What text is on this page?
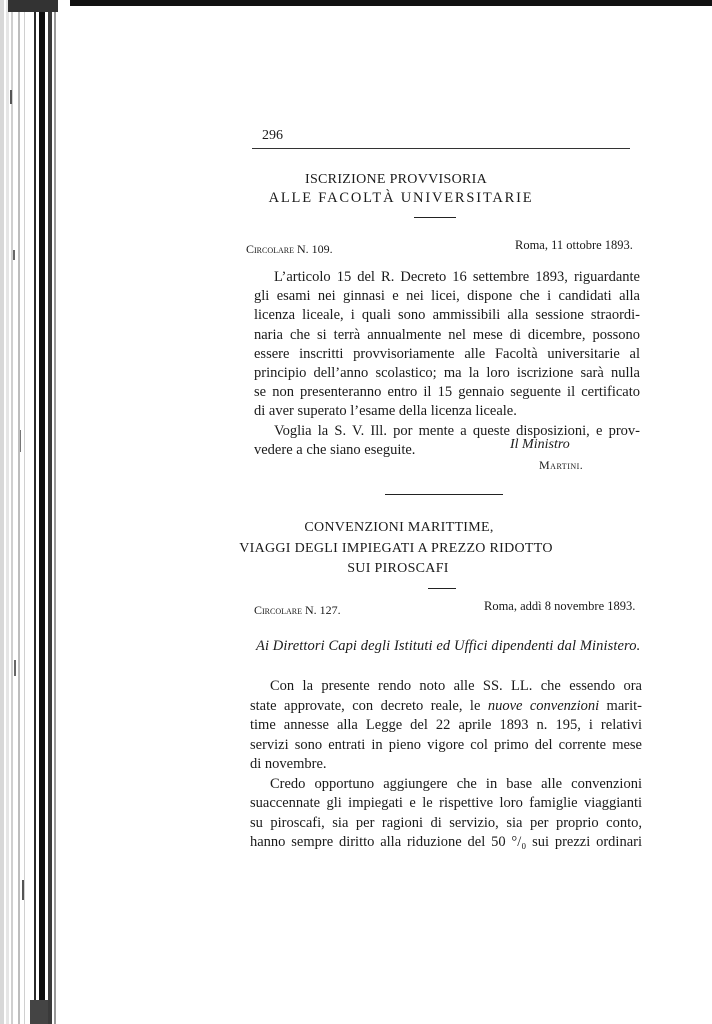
296
ISCRIZIONE PROVVISORIA
ALLE FACOLTÀ UNIVERSITARIE
Circolare N. 109.	Roma, 11 ottobre 1893.
L’articolo 15 del R. Decreto 16 settembre 1893, riguardante
gli esami nei ginnasi e nei licei, dispone che i candidati alla
licenza liceale, i quali sono ammissibili alla sessione straordi-
naria che si terrà annualmente nel mese di dicembre, possono
essere inscritti provvisoriamente alle Facoltà universitarie al
principio dell’anno scolastico; ma la loro iscrizione sarà nulla
se non presenteranno entro il 15 gennaio seguente il certificato
di aver superato l’esame della licenza liceale.
Voglia la S. V. Ill. por mente a queste disposizioni, e prov-
vedere a che siano eseguite.	Il Ministro
Martini.
CONVENZIONI MARITTIME,
VIAGGI DEGLI IMPIEGATI A PREZZO RIDOTTO
SUI PIROSCAFI
Circolare N. 127.	Roma, addì 8 novembre 1893.
Ai Direttori Capi degli Istituti ed Uffici dipendenti dal Ministero.
Con la presente rendo noto alle SS. LL. che essendo ora
state approvate, con decreto reale, le nuove convenzioni marit-
time annesse alla Legge del 22 aprile 1893 n. 195, i relativi
servizi sono entrati in pieno vigore col primo del corrente mese
di novembre.
Credo opportuno aggiungere che in base alle convenzioni
suaccennate gli impiegati e le rispettive loro famiglie viaggianti
su piroscafi, sia per ragioni di servizio, sia per proprio conto,
hanno sempre diritto alla riduzione del 50 °/₀ sui prezzi ordinari
